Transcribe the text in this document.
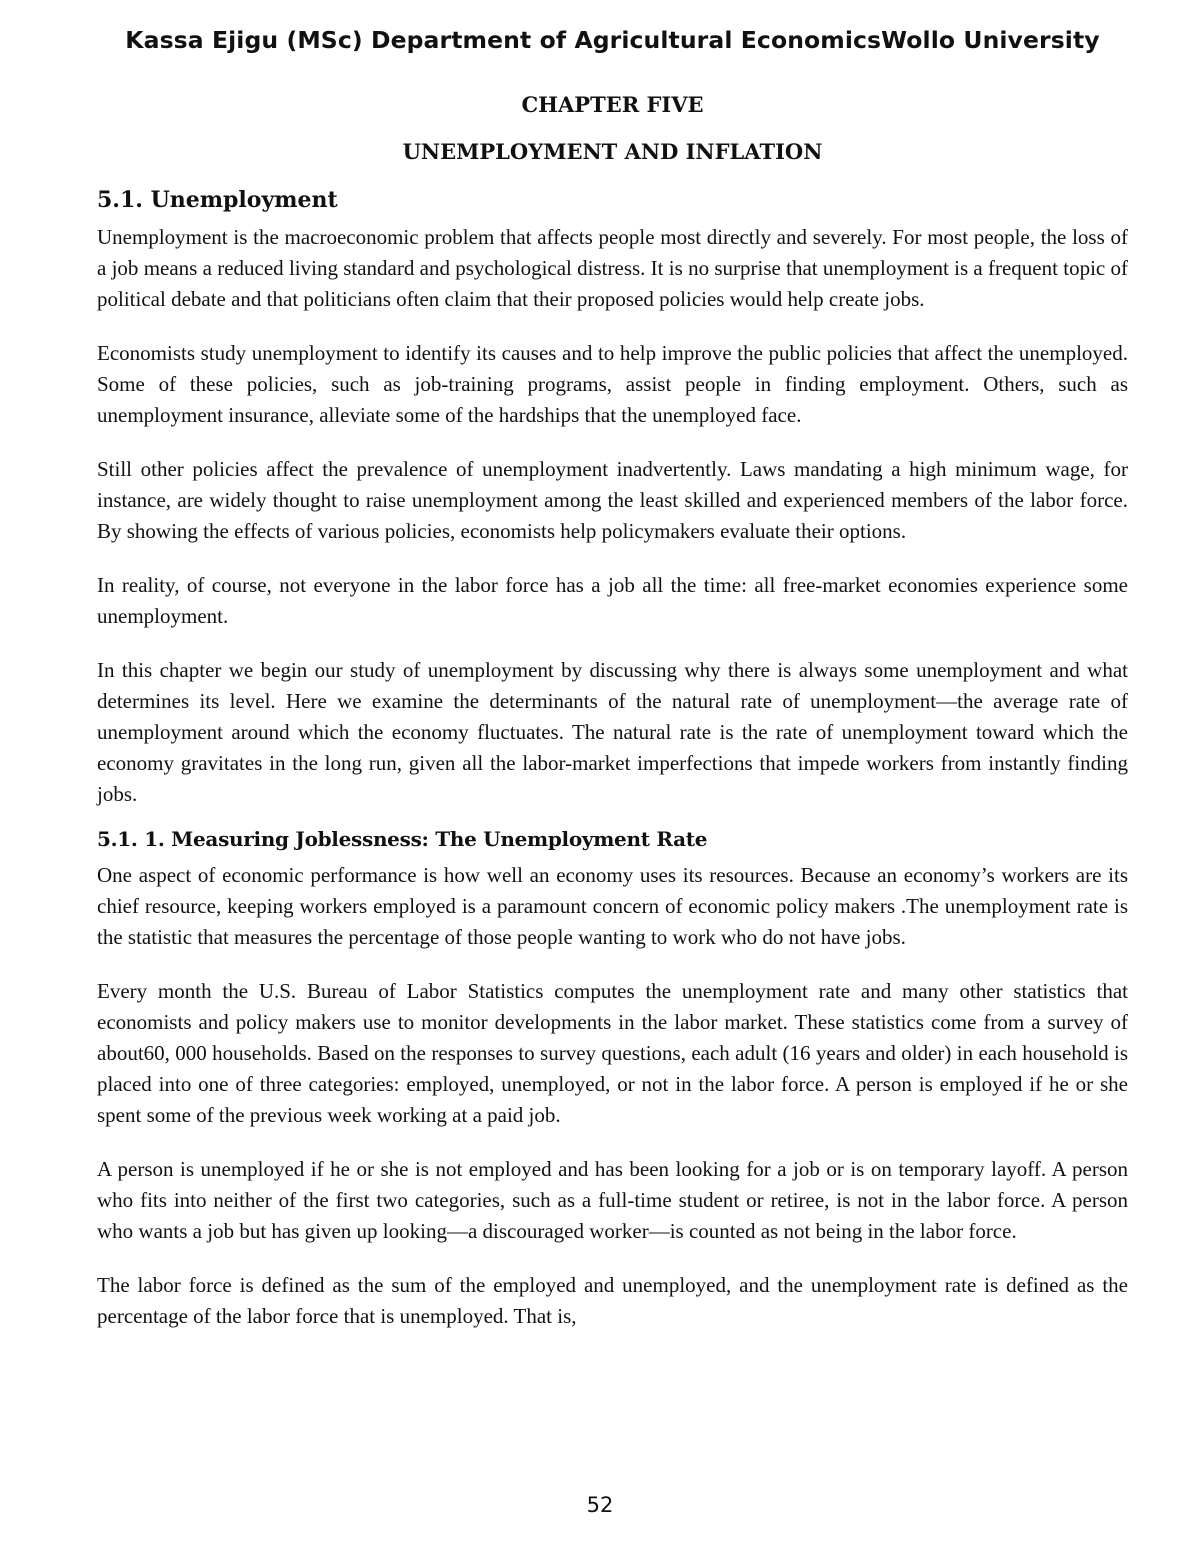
Kassa Ejigu (MSc) Department of Agricultural EconomicsWollo University
CHAPTER FIVE
UNEMPLOYMENT AND INFLATION
5.1. Unemployment

Unemployment is the macroeconomic problem that affects people most directly and severely. For most people, the loss of a job means a reduced living standard and psychological distress. It is no surprise that unemployment is a frequent topic of political debate and that politicians often claim that their proposed policies would help create jobs.

Economists study unemployment to identify its causes and to help improve the public policies that affect the unemployed. Some of these policies, such as job-training programs, assist people in finding employment. Others, such as unemployment insurance, alleviate some of the hardships that the unemployed face.

Still other policies affect the prevalence of unemployment inadvertently. Laws mandating a high minimum wage, for instance, are widely thought to raise unemployment among the least skilled and experienced members of the labor force. By showing the effects of various policies, economists help policymakers evaluate their options.

In reality, of course, not everyone in the labor force has a job all the time: all free-market economies experience some unemployment.

In this chapter we begin our study of unemployment by discussing why there is always some unemployment and what determines its level. Here we examine the determinants of the natural rate of unemployment—the average rate of unemployment around which the economy fluctuates. The natural rate is the rate of unemployment toward which the economy gravitates in the long run, given all the labor-market imperfections that impede workers from instantly finding jobs.

5.1. 1. Measuring Joblessness: The Unemployment Rate

One aspect of economic performance is how well an economy uses its resources. Because an economy’s workers are its chief resource, keeping workers employed is a paramount concern of economic policy makers .The unemployment rate is the statistic that measures the percentage of those people wanting to work who do not have jobs.

Every month the U.S. Bureau of Labor Statistics computes the unemployment rate and many other statistics that economists and policy makers use to monitor developments in the labor market. These statistics come from a survey of about60, 000 households. Based on the responses to survey questions, each adult (16 years and older) in each household is placed into one of three categories: employed, unemployed, or not in the labor force. A person is employed if he or she spent some of the previous week working at a paid job.

A person is unemployed if he or she is not employed and has been looking for a job or is on temporary layoff. A person who fits into neither of the first two categories, such as a full-time student or retiree, is not in the labor force. A person who wants a job but has given up looking—a discouraged worker—is counted as not being in the labor force.

The labor force is defined as the sum of the employed and unemployed, and the unemployment rate is defined as the percentage of the labor force that is unemployed. That is,

52
